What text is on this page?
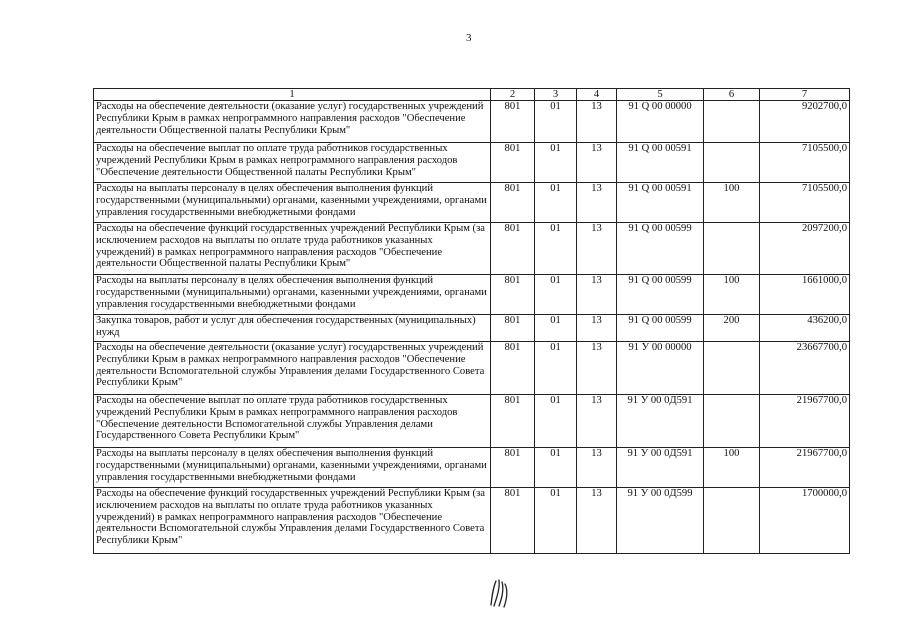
3
1	2	3	4	5	6	7
Расходы на обеспечение деятельности (оказание услуг) государственных учреждений Республики Крым в рамках непрограммного направления расходов "Обеспечение деятельности Общественной палаты Республики Крым"	801	01	13	91 Q 00 00000		9202700,0
Расходы на обеспечение выплат по оплате труда работников государственных учреждений Республики Крым в рамках непрограммного направления расходов "Обеспечение деятельности Общественной палаты Республики Крым"	801	01	13	91 Q 00 00591		7105500,0
Расходы на выплаты персоналу в целях обеспечения выполнения функций государственными (муниципальными) органами, казенными учреждениями, органами управления государственными внебюджетными фондами	801	01	13	91 Q 00 00591	100	7105500,0
Расходы на обеспечение функций государственных учреждений Республики Крым (за исключением расходов на выплаты по оплате труда работников указанных учреждений) в рамках непрограммного направления расходов "Обеспечение деятельности Общественной палаты Республики Крым"	801	01	13	91 Q 00 00599		2097200,0
Расходы на выплаты персоналу в целях обеспечения выполнения функций государственными (муниципальными) органами, казенными учреждениями, органами управления государственными внебюджетными фондами	801	01	13	91 Q 00 00599	100	1661000,0
Закупка товаров, работ и услуг для обеспечения государственных (муниципальных) нужд	801	01	13	91 Q 00 00599	200	436200,0
Расходы на обеспечение деятельности (оказание услуг) государственных учреждений Республики Крым в рамках непрограммного направления расходов "Обеспечение деятельности Вспомогательной службы Управления делами Государственного Совета Республики Крым"	801	01	13	91 У 00 00000		23667700,0
Расходы на обеспечение выплат по оплате труда работников государственных учреждений Республики Крым в рамках непрограммного направления расходов "Обеспечение деятельности Вспомогательной службы Управления делами Государственного Совета Республики Крым"	801	01	13	91 У 00 0Д591		21967700,0
Расходы на выплаты персоналу в целях обеспечения выполнения функций государственными (муниципальными) органами, казенными учреждениями, органами управления государственными внебюджетными фондами	801	01	13	91 У 00 0Д591	100	21967700,0
Расходы на обеспечение функций государственных учреждений Республики Крым (за исключением расходов на выплаты по оплате труда работников указанных учреждений) в рамках непрограммного направления расходов "Обеспечение деятельности Вспомогательной службы Управления делами Государственного Совета Республики Крым"	801	01	13	91 У 00 0Д599		1700000,0
